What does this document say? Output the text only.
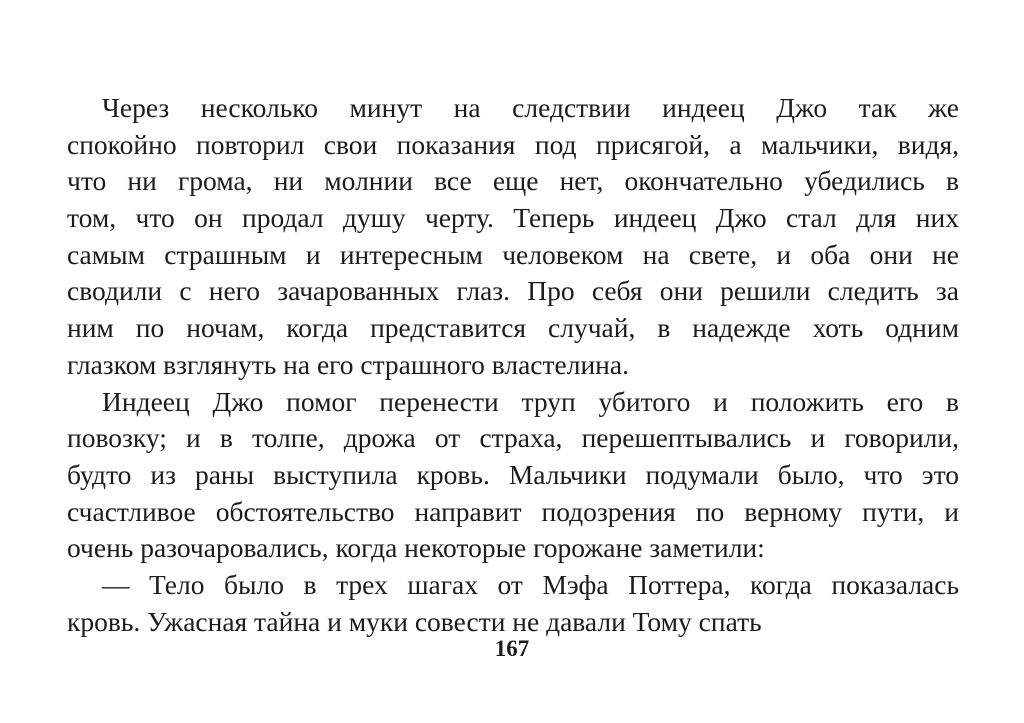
Через несколько минут на следствии индеец Джо так же
спокойно повторил свои показания под присягой, а мальчики, видя,
что ни грома, ни молнии все еще нет, окончательно убедились в
том, что он продал душу черту. Теперь индеец Джо стал для них
самым страшным и интересным человеком на свете, и оба они не
сводили с него зачарованных глаз. Про себя они решили следить за
ним по ночам, когда представится случай, в надежде хоть одним
глазком взглянуть на его страшного властелина.
Индеец Джо помог перенести труп убитого и положить его в
повозку; и в толпе, дрожа от страха, перешептывались и говорили,
будто из раны выступила кровь. Мальчики подумали было, что это
счастливое обстоятельство направит подозрения по верному пути, и
очень разочаровались, когда некоторые горожане заметили:
— Тело было в трех шагах от Мэфа Поттера, когда показалась
кровь. Ужасная тайна и муки совести не давали Тому спать
167
